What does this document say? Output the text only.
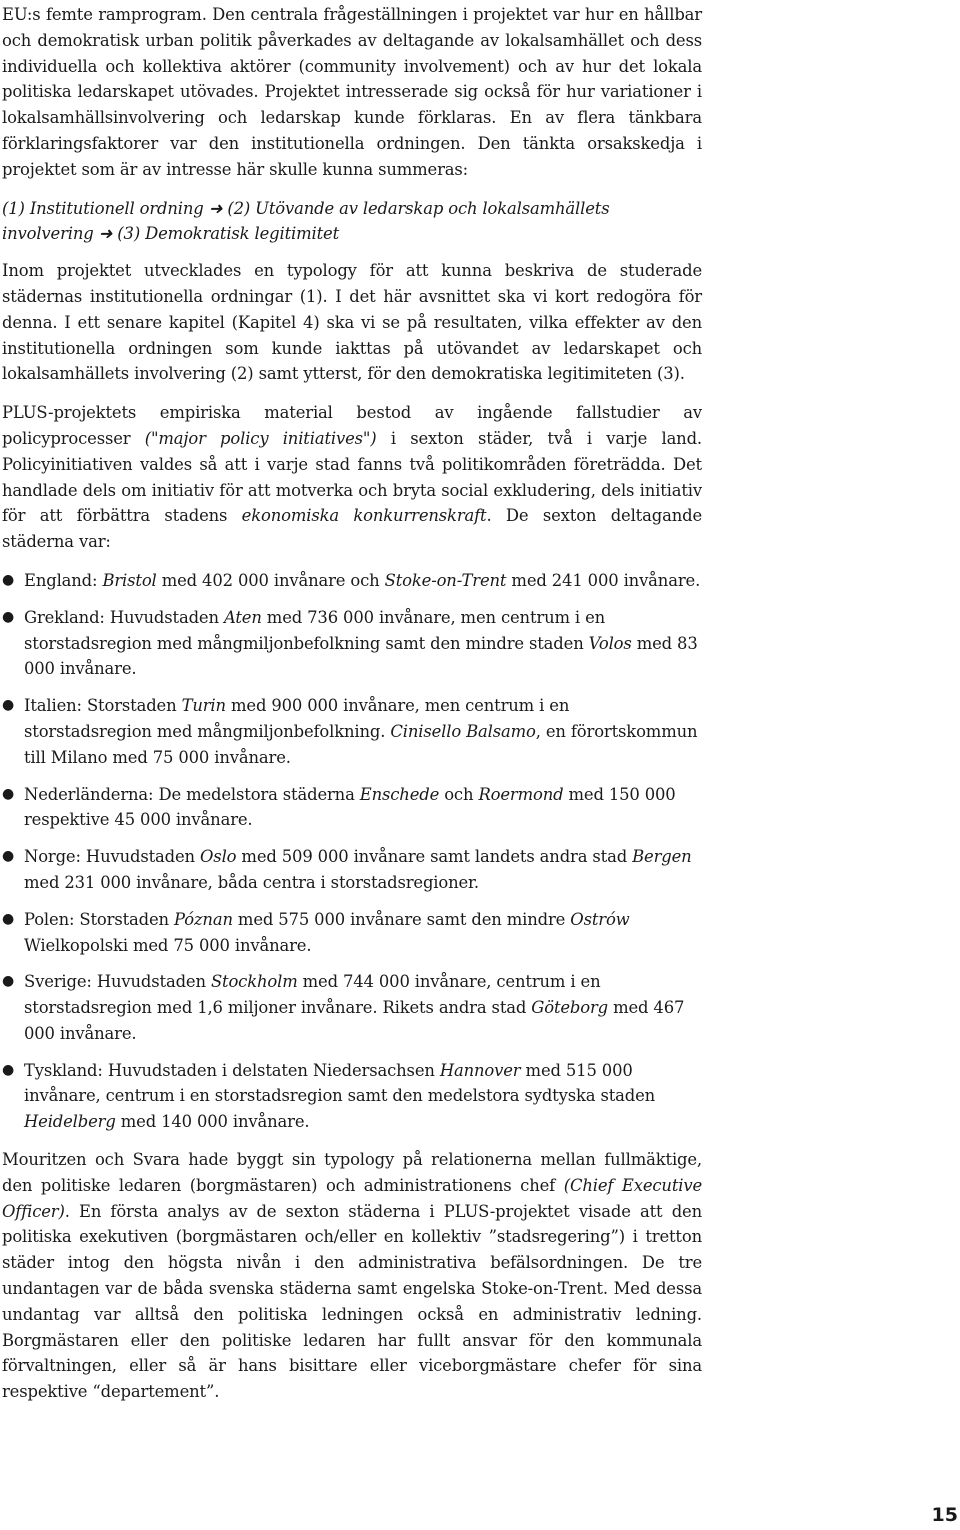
EU:s femte ramprogram. Den centrala frågeställningen i projektet var hur en hållbar och demokratisk urban politik påverkades av deltagande av lokalsamhället och dess individuella och kollektiva aktörer (community involvement) och av hur det lokala politiska ledarskapet utövades. Projektet intresserade sig också för hur variationer i lokalsamhällsinvolvering och ledarskap kunde förklaras. En av flera tänkbara förklaringsfaktorer var den institutionella ordningen. Den tänkta orsakskedja i projektet som är av intresse här skulle kunna summeras:

(1) Institutionell ordning ➜ (2) Utövande av ledarskap och lokalsamhällets
involvering ➜ (3) Demokratisk legitimitet

Inom projektet utvecklades en typology för att kunna beskriva de studerade städernas institutionella ordningar (1). I det här avsnittet ska vi kort redogöra för denna. I ett senare kapitel (Kapitel 4) ska vi se på resultaten, vilka effekter av den institutionella ordningen som kunde iakttas på utövandet av ledarskapet och lokalsamhällets involvering (2) samt ytterst, för den demokratiska legitimiteten (3).

PLUS-projektets empiriska material bestod av ingående fallstudier av policyprocesser ("major policy initiatives") i sexton städer, två i varje land. Policyinitiativen valdes så att i varje stad fanns två politikområden företrädda. Det handlade dels om initiativ för att motverka och bryta social exkludering, dels initiativ för att förbättra stadens ekonomiska konkurrenskraft. De sexton deltagande städerna var:

● England: Bristol med 402 000 invånare och Stoke-on-Trent med 241 000 invånare.
● Grekland: Huvudstaden Aten med 736 000 invånare, men centrum i en storstadsregion med mångmiljonbefolkning samt den mindre staden Volos med 83 000 invånare.
● Italien: Storstaden Turin med 900 000 invånare, men centrum i en storstadsregion med mångmiljonbefolkning. Cinisello Balsamo, en förortskommun till Milano med 75 000 invånare.
● Nederländerna: De medelstora städerna Enschede och Roermond med 150 000 respektive 45 000 invånare.
● Norge: Huvudstaden Oslo med 509 000 invånare samt landets andra stad Bergen med 231 000 invånare, båda centra i storstadsregioner.
● Polen: Storstaden Póznan med 575 000 invånare samt den mindre Ostrów Wielkopolski med 75 000 invånare.
● Sverige: Huvudstaden Stockholm med 744 000 invånare, centrum i en storstadsregion med 1,6 miljoner invånare. Rikets andra stad Göteborg med 467 000 invånare.
● Tyskland: Huvudstaden i delstaten Niedersachsen Hannover med 515 000 invånare, centrum i en storstadsregion samt den medelstora sydtyska staden Heidelberg med 140 000 invånare.

Mouritzen och Svara hade byggt sin typology på relationerna mellan fullmäktige, den politiske ledaren (borgmästaren) och administrationens chef (Chief Executive Officer). En första analys av de sexton städerna i PLUS-projektet visade att den politiska exekutiven (borgmästaren och/eller en kollektiv ”stadsregering”) i tretton städer intog den högsta nivån i den administrativa befälsordningen. De tre undantagen var de båda svenska städerna samt engelska Stoke-on-Trent. Med dessa undantag var alltså den politiska ledningen också en administrativ ledning. Borgmästaren eller den politiske ledaren har fullt ansvar för den kommunala förvaltningen, eller så är hans bisittare eller viceborgmästare chefer för sina respektive “departement”.

15
